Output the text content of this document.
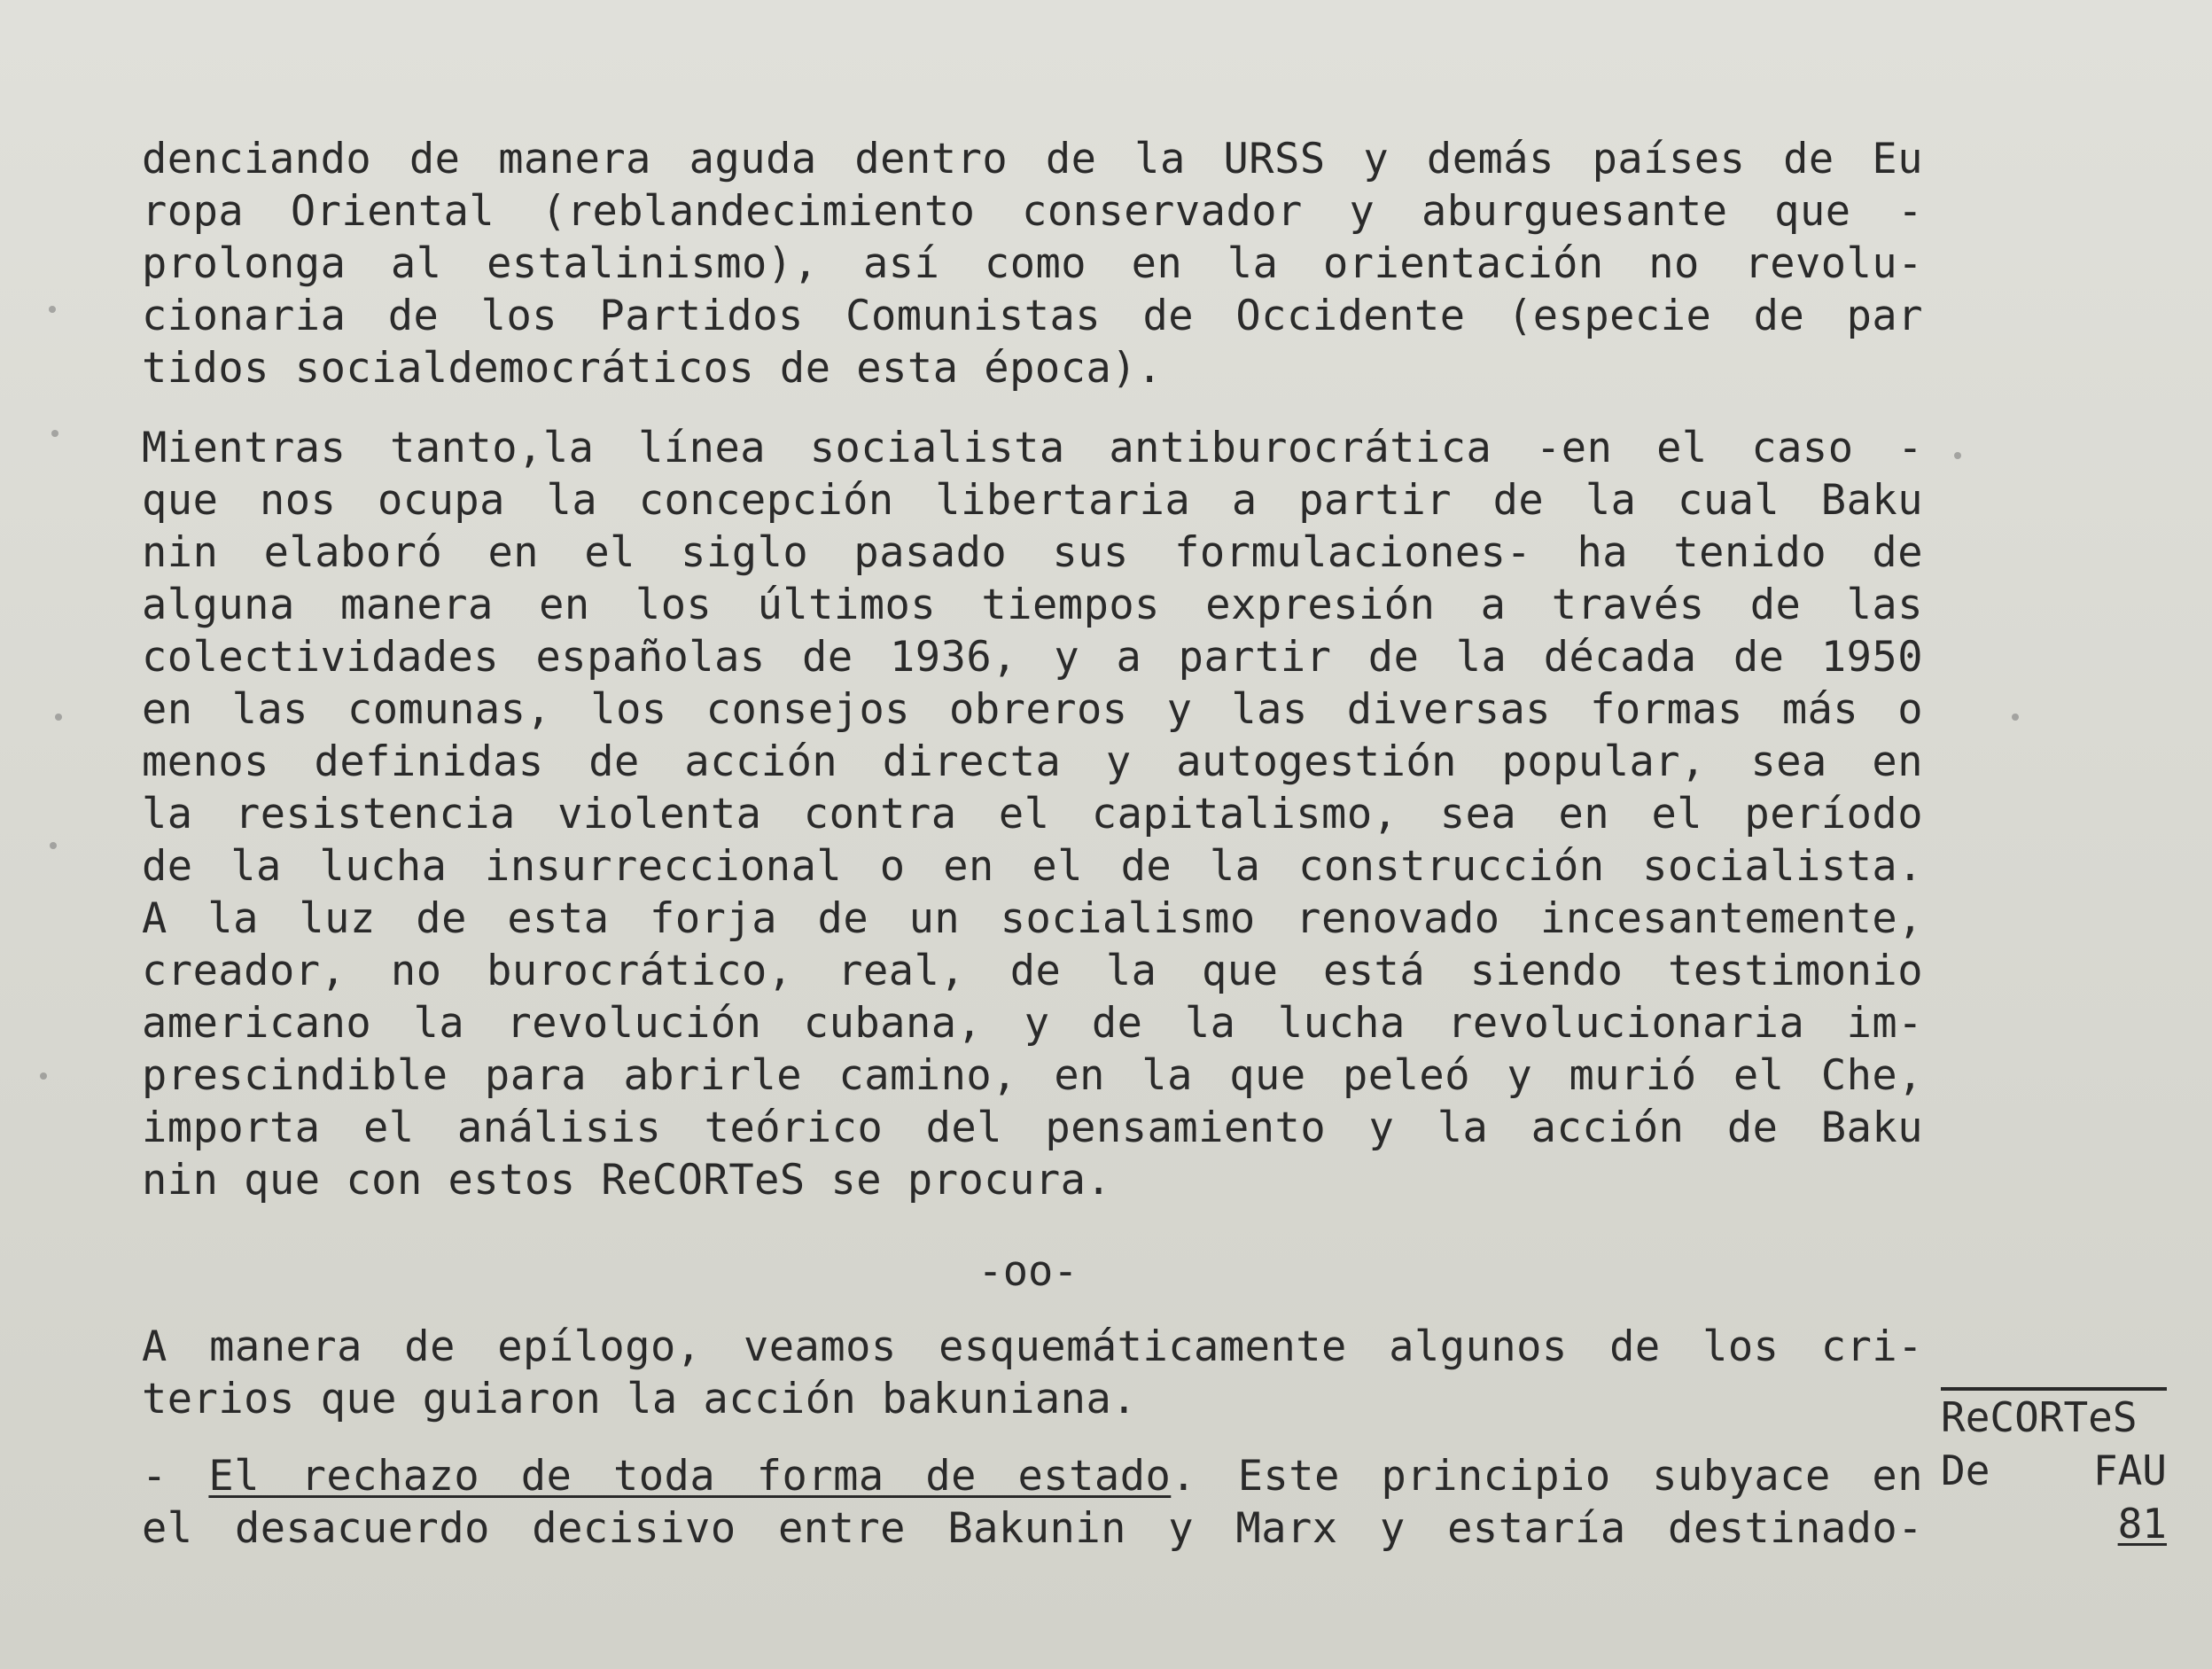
denciando de manera aguda dentro de la URSS y demás países de Eu
ropa Oriental (reblandecimiento conservador y aburguesante que -
prolonga al estalinismo), así como en la orientación no revolu-
cionaria de los Partidos Comunistas de Occidente (especie de par
tidos socialdemocráticos de esta época).
Mientras tanto,la línea socialista antiburocrática -en el caso -
que nos ocupa la concepción libertaria a partir de la cual Baku
nin elaboró en el siglo pasado sus formulaciones- ha tenido de
alguna manera en los últimos tiempos expresión a través de las
colectividades españolas de 1936, y a partir de la década de 1950
en las comunas, los consejos obreros y las diversas formas más o
menos definidas de acción directa y autogestión popular, sea en
la resistencia violenta contra el capitalismo, sea en el período
de la lucha insurreccional o en el de la construcción socialista.
A la luz de esta forja de un socialismo renovado incesantemente,
creador, no burocrático, real, de la que está siendo testimonio
americano la revolución cubana, y de la lucha revolucionaria im-
prescindible para abrirle camino, en la que peleó y murió el Che,
importa el análisis teórico del pensamiento y la acción de Baku
nin que con estos ReCORTeS se procura.
-oo-
A manera de epílogo, veamos esquemáticamente algunos de los cri-
terios que guiaron la acción bakuniana.
- El rechazo de toda forma de estado. Este principio subyace en
el desacuerdo decisivo entre Bakunin y Marx y estaría destinado-
ReCORTeS
De	FAU
81
